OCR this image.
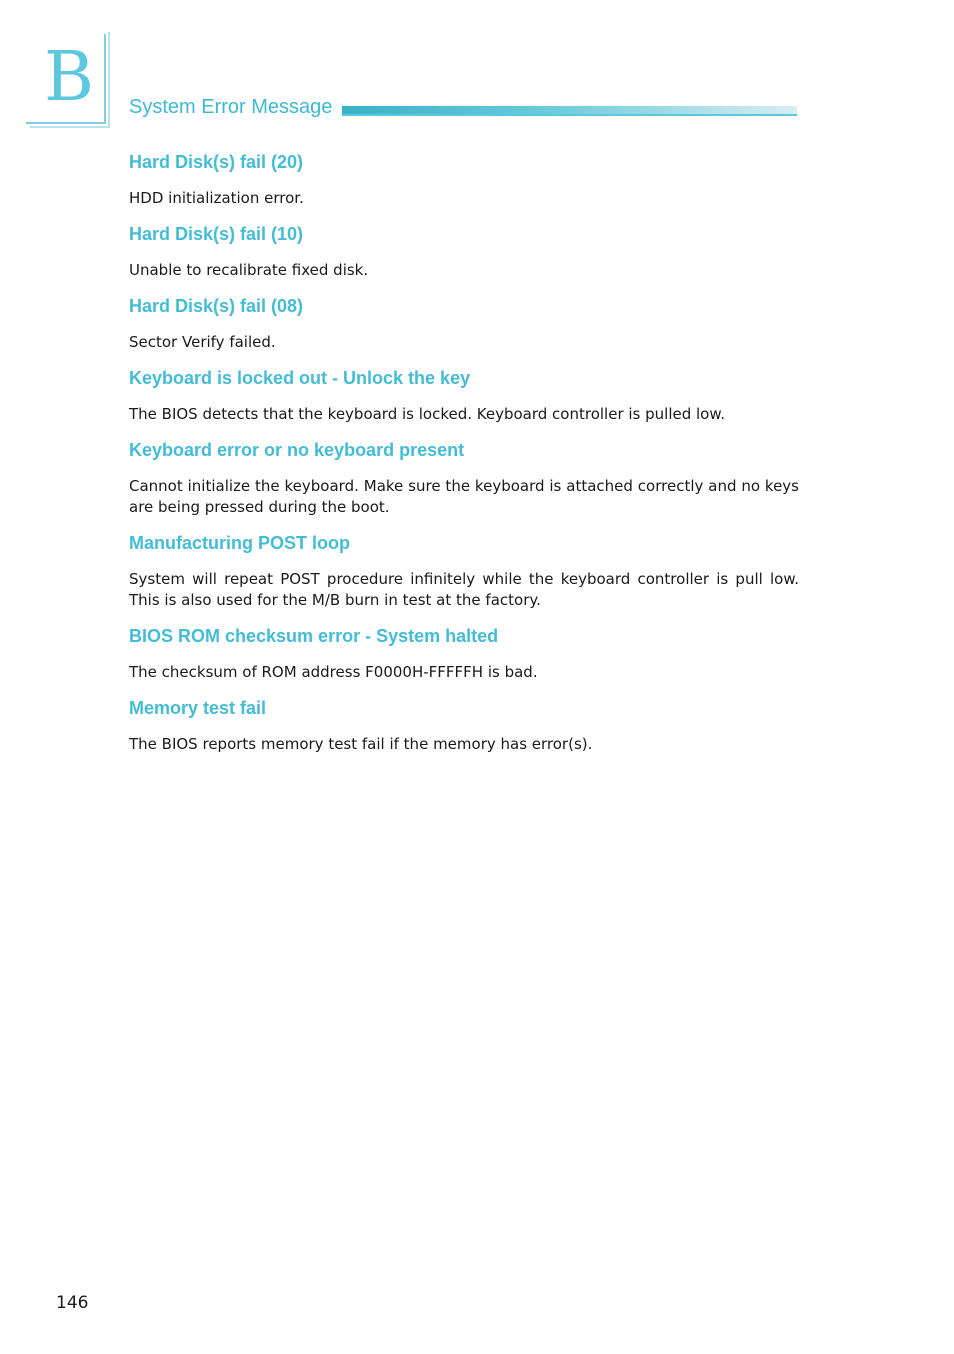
B System Error Message
Hard Disk(s) fail (20)

HDD initialization error.

Hard Disk(s) fail (10)

Unable to recalibrate fixed disk.

Hard Disk(s) fail (08)

Sector Verify failed.

Keyboard is locked out - Unlock the key

The BIOS detects that the keyboard is locked. Keyboard controller is pulled low.

Keyboard error or no keyboard present

Cannot initialize the keyboard. Make sure the keyboard is attached correctly and no keys are being pressed during the boot.

Manufacturing POST loop

System will repeat POST procedure infinitely while the keyboard controller is pull low. This is also used for the M/B burn in test at the factory.

BIOS ROM checksum error - System halted

The checksum of ROM address F0000H-FFFFFH is bad.

Memory test fail

The BIOS reports memory test fail if the memory has error(s).

146
